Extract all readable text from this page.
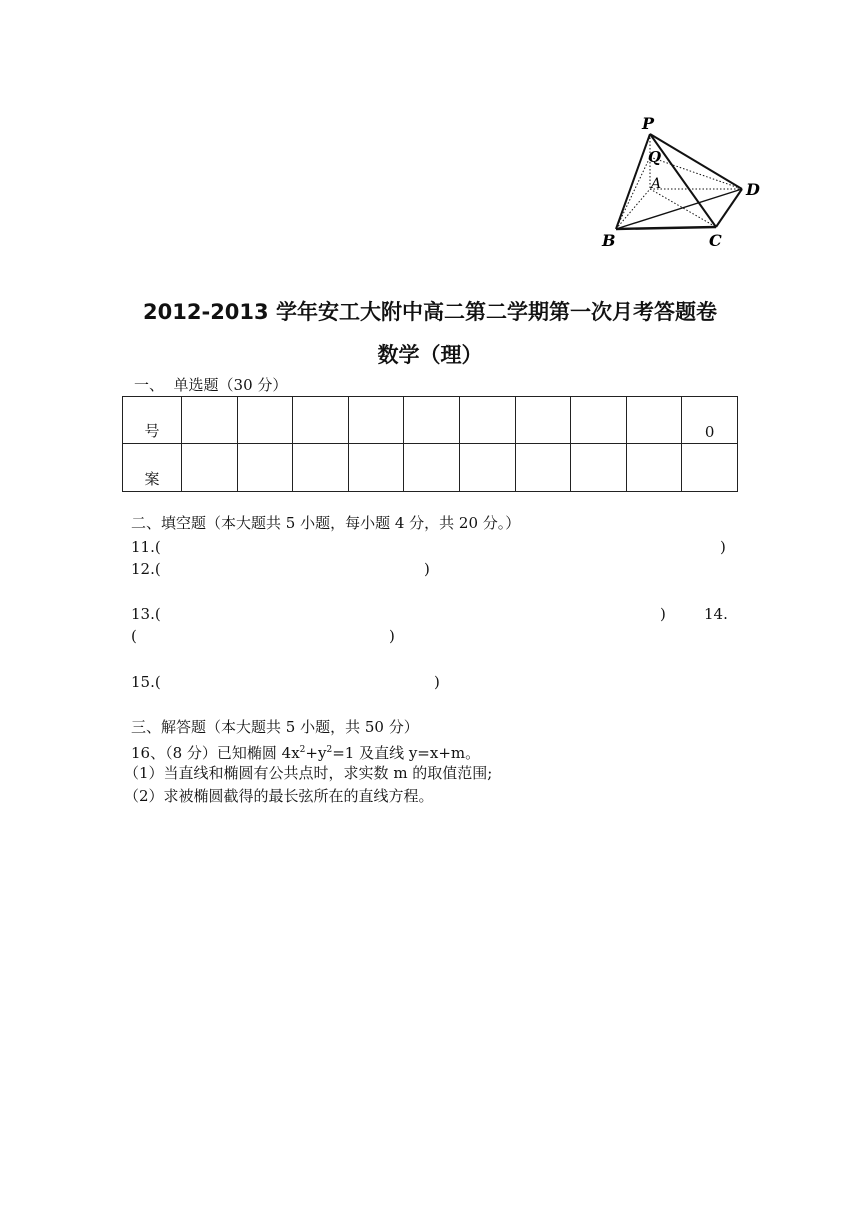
P
Q
A
B	C
D
2012-2013 学年安工大附中高二第二学期第一次月考答题卷
数学（理）
一、  单选题（30 分）
号										0
案										
二、填空题（本大题共 5 小题，每小题 4 分，共 20 分。）
11.(	)
12.(	)
13.(	)	14.
(	)
15.(	)
三、解答题（本大题共 5 小题，共 50 分）
16、（8 分）已知椭圆 $4x^2+y^2=1$ 及直线 y=x+m。
（1）当直线和椭圆有公共点时，求实数 m 的取值范围;
（2）求被椭圆截得的最长弦所在的直线方程。
